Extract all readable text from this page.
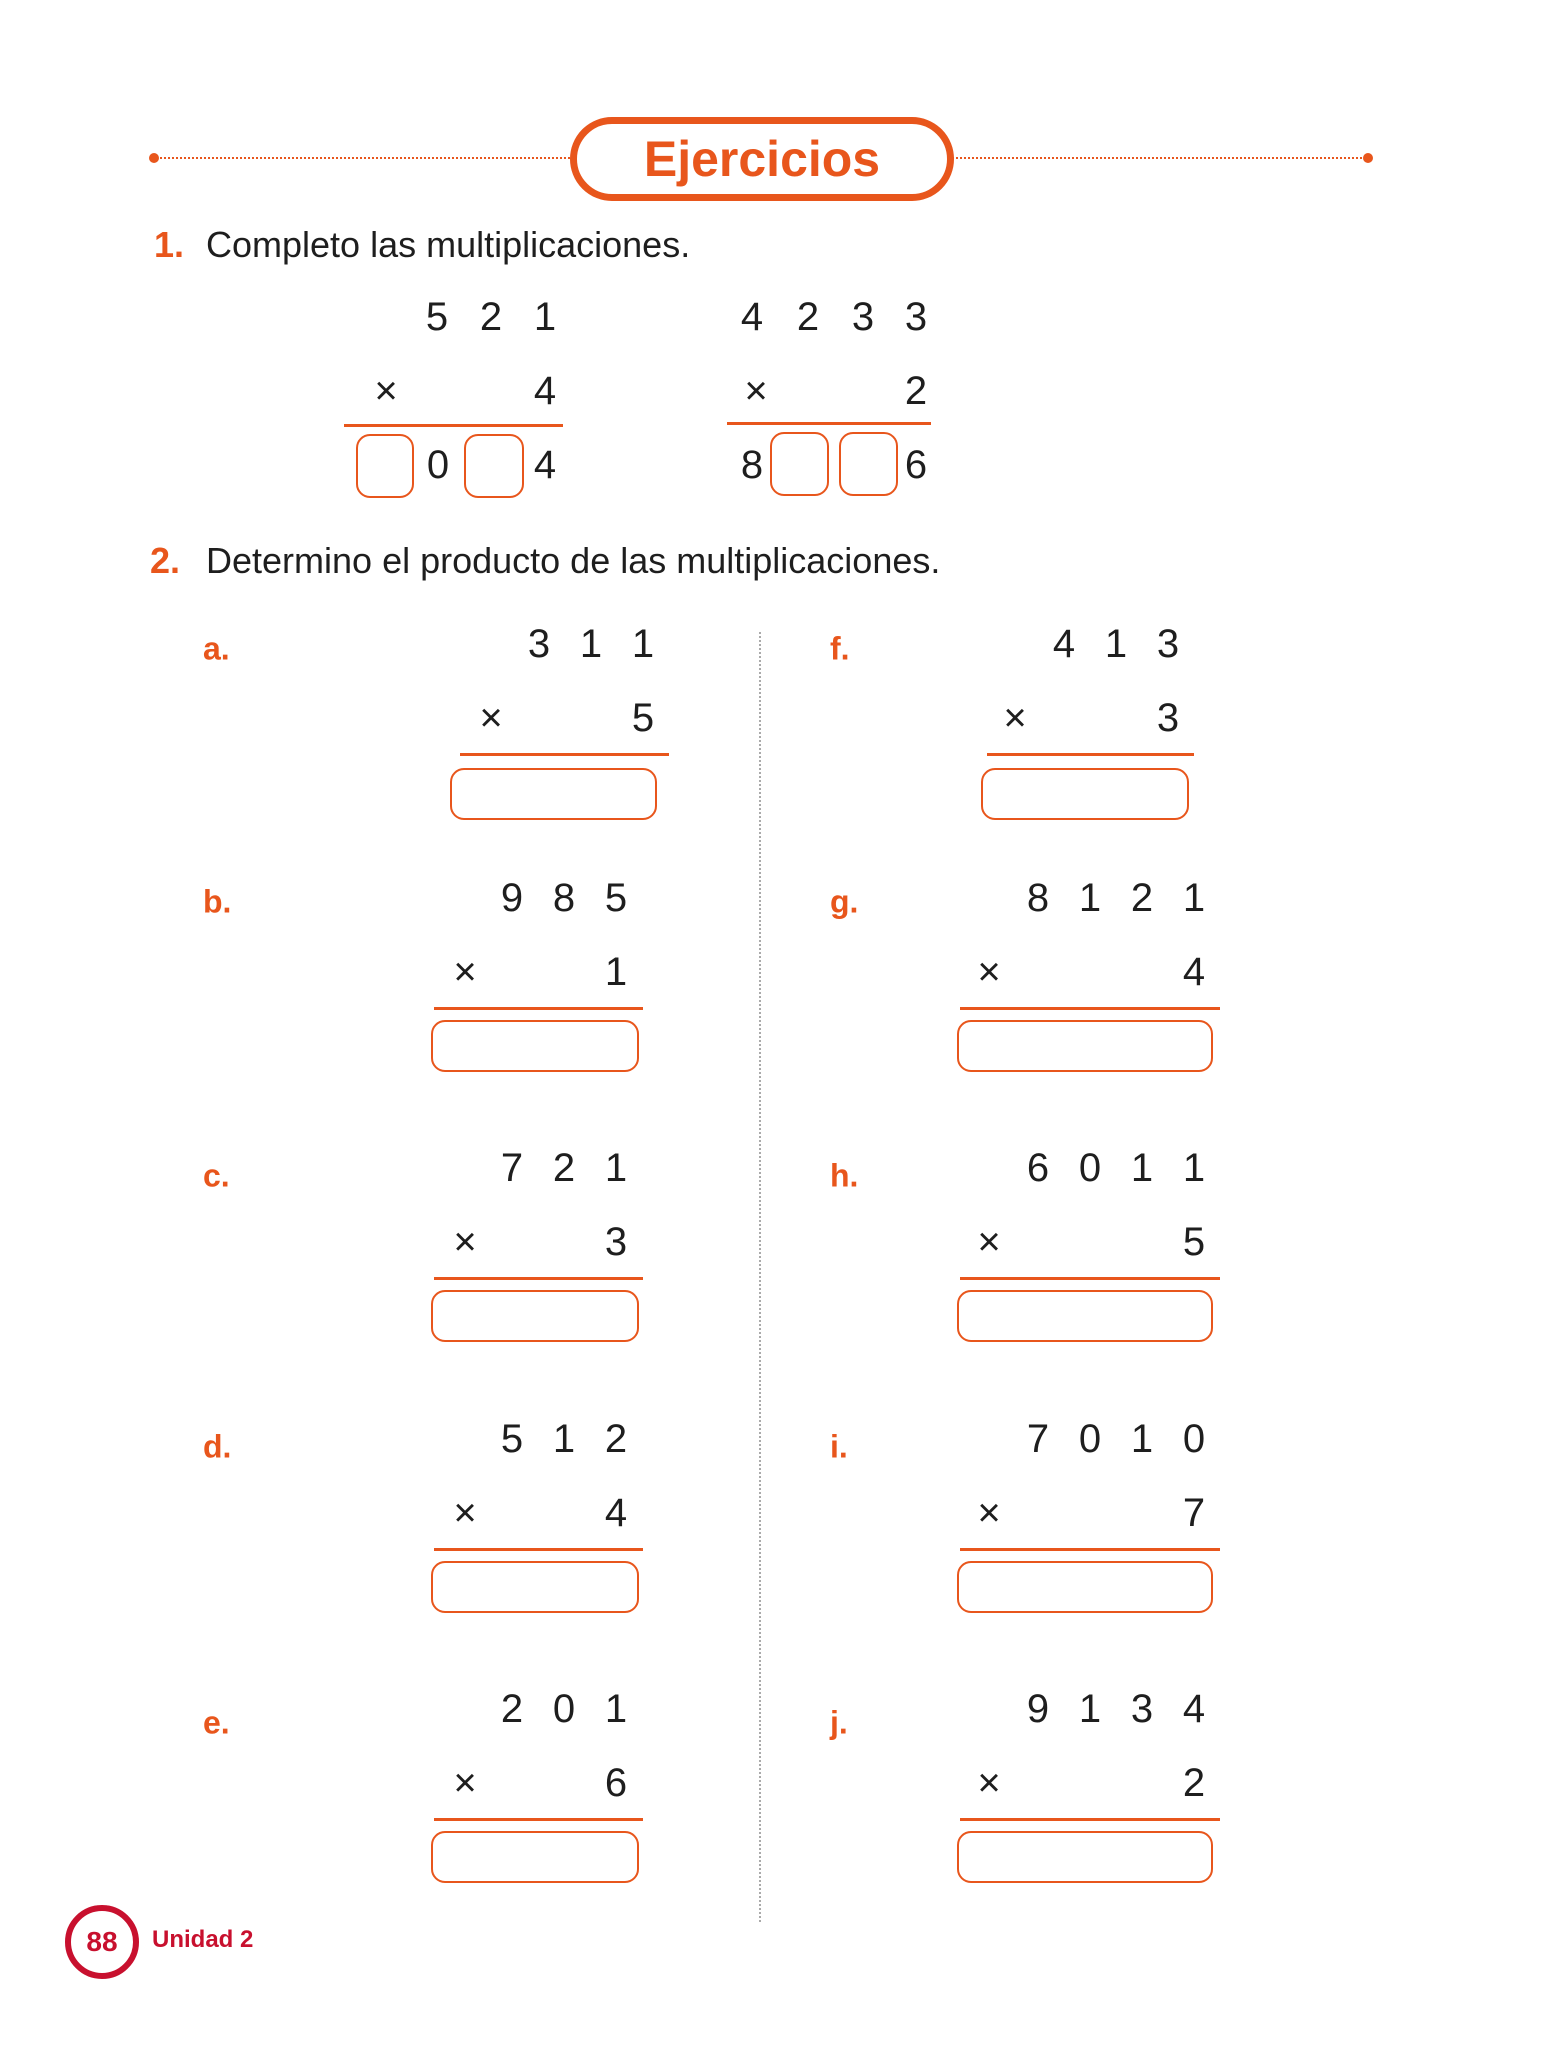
Ejercicios
1. Completo las multiplicaciones.
2. Determino el producto de las multiplicaciones.
5 2 1
×	4
0 4
4 2 3 3
×	2
8	6
a.	3 1 1
×	5
b.	9 8 5
×	1
c.	7 2 1
×	3
d.	5 1 2
×	4
e.	2 0 1
×	6
f.	4 1 3
×	3
g.	8 1 2 1
×	4
h.	6 0 1 1
×	5
i.	7 0 1 0
×	7
j.	9 1 3 4
×	2
88 Unidad 2
